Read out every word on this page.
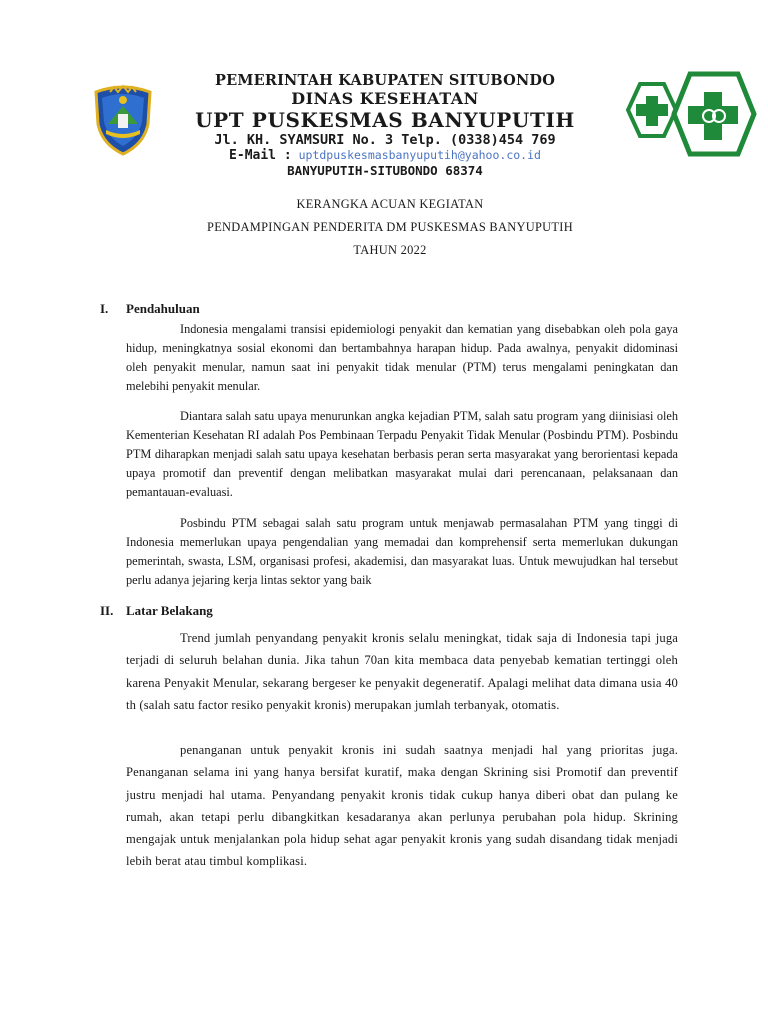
PEMERINTAH KABUPATEN SITUBONDO
DINAS KESEHATAN
UPT PUSKESMAS BANYUPUTIH
Jl. KH. SYAMSURI No. 3 Telp. (0338)454 769
E-Mail : uptdpuskesmasbanyuputih@yahoo.co.id
BANYUPUTIH-SITUBONDO 68374
KERANGKA ACUAN KEGIATAN
PENDAMPINGAN PENDERITA DM PUSKESMAS BANYUPUTIH
TAHUN 2022
I. Pendahuluan

Indonesia mengalami transisi epidemiologi penyakit dan kematian yang disebabkan oleh pola gaya hidup, meningkatnya sosial ekonomi dan bertambahnya harapan hidup. Pada awalnya, penyakit didominasi oleh penyakit menular, namun saat ini penyakit tidak menular (PTM) terus mengalami peningkatan dan melebihi penyakit menular.

Diantara salah satu upaya menurunkan angka kejadian PTM, salah satu program yang diinisiasi oleh Kementerian Kesehatan RI adalah Pos Pembinaan Terpadu Penyakit Tidak Menular (Posbindu PTM). Posbindu PTM diharapkan menjadi salah satu upaya kesehatan berbasis peran serta masyarakat yang berorientasi kepada upaya promotif dan preventif dengan melibatkan masyarakat mulai dari perencanaan, pelaksanaan dan pemantauan-evaluasi.

Posbindu PTM sebagai salah satu program untuk menjawab permasalahan PTM yang tinggi di Indonesia memerlukan upaya pengendalian yang memadai dan komprehensif serta memerlukan dukungan pemerintah, swasta, LSM, organisasi profesi, akademisi, dan masyarakat luas. Untuk mewujudkan hal tersebut perlu adanya jejaring kerja lintas sektor yang baik

II. Latar Belakang

Trend jumlah penyandang penyakit kronis selalu meningkat, tidak saja di Indonesia tapi juga terjadi di seluruh belahan dunia. Jika tahun 70an kita membaca data penyebab kematian tertinggi oleh karena Penyakit Menular, sekarang bergeser ke penyakit degeneratif. Apalagi melihat data dimana usia 40 th (salah satu factor resiko penyakit kronis) merupakan jumlah terbanyak, otomatis.

penanganan untuk penyakit kronis ini sudah saatnya menjadi hal yang prioritas juga. Penanganan selama ini yang hanya bersifat kuratif, maka dengan Skrining sisi Promotif dan preventif justru menjadi hal utama. Penyandang penyakit kronis tidak cukup hanya diberi obat dan pulang ke rumah, akan tetapi perlu dibangkitkan kesadaranya akan perlunya perubahan pola hidup. Skrining mengajak untuk menjalankan pola hidup sehat agar penyakit kronis yang sudah disandang tidak menjadi lebih berat atau timbul komplikasi.
